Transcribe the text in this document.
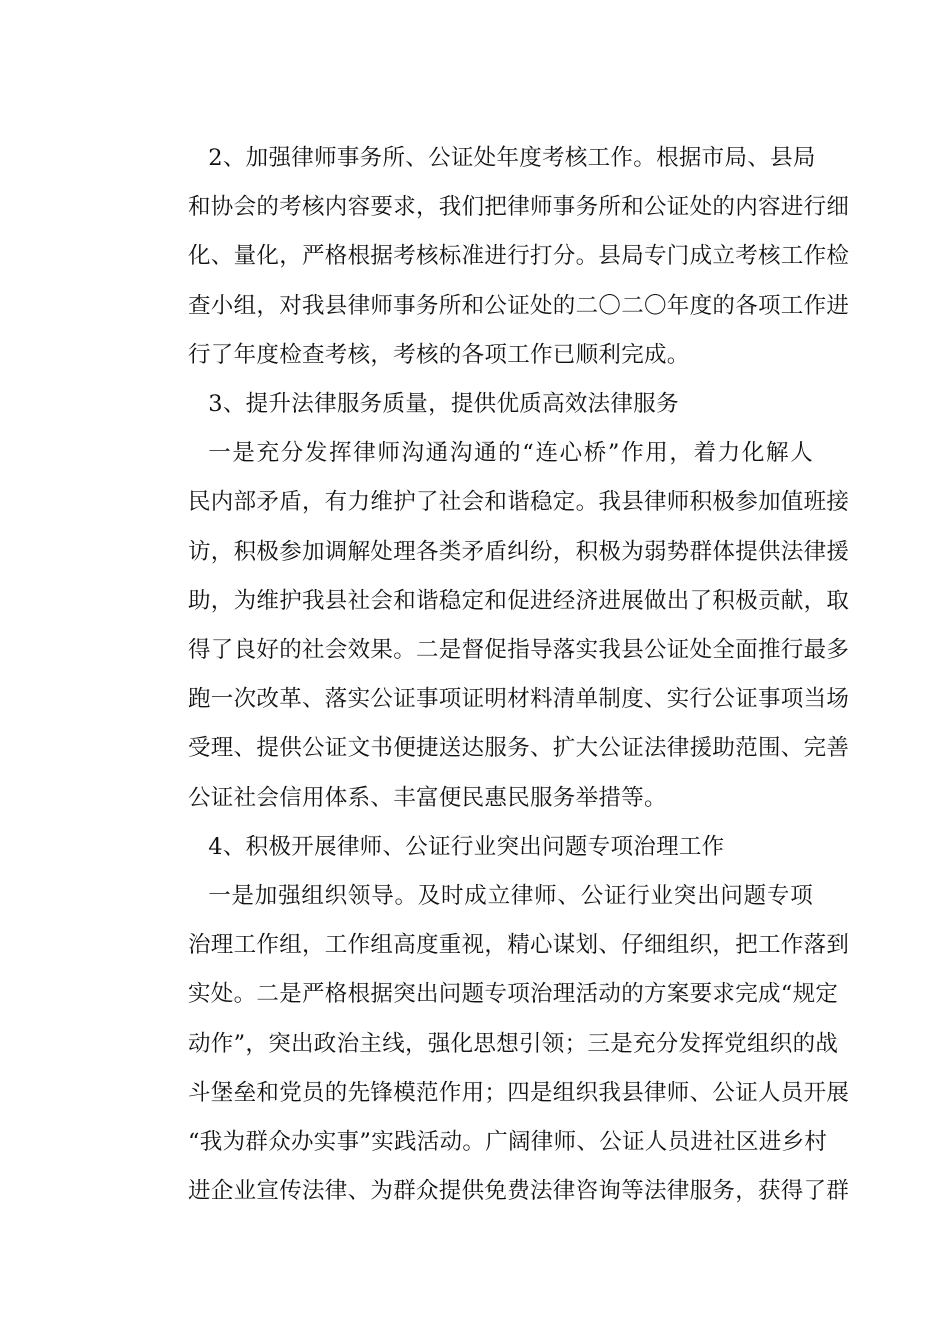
2、加强律师事务所、公证处年度考核工作。根据市局、县局
和协会的考核内容要求，我们把律师事务所和公证处的内容进行细
化、量化，严格根据考核标准进行打分。县局专门成立考核工作检
查小组，对我县律师事务所和公证处的二〇二〇年度的各项工作进
行了年度检查考核，考核的各项工作已顺利完成。

3、提升法律服务质量，提供优质高效法律服务

一是充分发挥律师沟通沟通的“连心桥”作用，着力化解人
民内部矛盾，有力维护了社会和谐稳定。我县律师积极参加值班接
访，积极参加调解处理各类矛盾纠纷，积极为弱势群体提供法律援
助，为维护我县社会和谐稳定和促进经济进展做出了积极贡献，取
得了良好的社会效果。二是督促指导落实我县公证处全面推行最多
跑一次改革、落实公证事项证明材料清单制度、实行公证事项当场
受理、提供公证文书便捷送达服务、扩大公证法律援助范围、完善
公证社会信用体系、丰富便民惠民服务举措等。

4、积极开展律师、公证行业突出问题专项治理工作

一是加强组织领导。及时成立律师、公证行业突出问题专项
治理工作组，工作组高度重视，精心谋划、仔细组织，把工作落到
实处。二是严格根据突出问题专项治理活动的方案要求完成“规定
动作”，突出政治主线，强化思想引领；三是充分发挥党组织的战
斗堡垒和党员的先锋模范作用；四是组织我县律师、公证人员开展
“我为群众办实事”实践活动。广阔律师、公证人员进社区进乡村
进企业宣传法律、为群众提供免费法律咨询等法律服务，获得了群
